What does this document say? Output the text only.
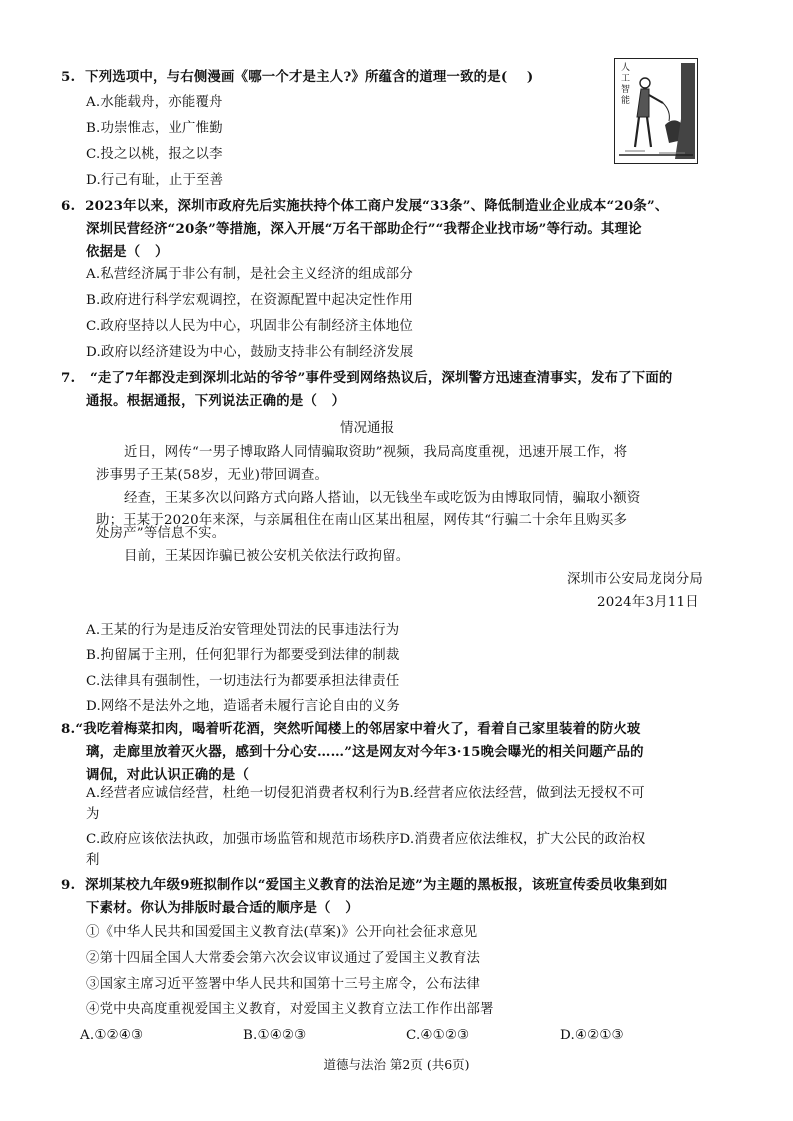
5.  下列选项中，与右侧漫画《哪一个才是主人?》所蕴含的道理一致的是(    )
A.水能载舟，亦能覆舟
B.功崇惟志，业广惟勤
C.投之以桃，报之以李
D.行己有耻，止于至善
人工智能
6.  2023年以来，深圳市政府先后实施扶持个体工商户发展“33条”、降低制造业企业成本“20条”、
深圳民营经济“20条”等措施，深入开展“万名干部助企行”“我帮企业找市场”等行动。其理论
依据是（   ）
A.私营经济属于非公有制，是社会主义经济的组成部分
B.政府进行科学宏观调控，在资源配置中起决定性作用
C.政府坚持以人民为中心，巩固非公有制经济主体地位
D.政府以经济建设为中心，鼓励支持非公有制经济发展
7.   “走了7年都没走到深圳北站的爷爷”事件受到网络热议后，深圳警方迅速查清事实，发布了下面的
通报。根据通报，下列说法正确的是（   ）
情况通报
近日，网传“一男子博取路人同情骗取资助”视频，我局高度重视，迅速开展工作，将
涉事男子王某(58岁，无业)带回调查。
经查，王某多次以问路方式向路人搭讪，以无钱坐车或吃饭为由博取同情，骗取小额资
助；王某于2020年来深，与亲属租住在南山区某出租屋，网传其“行骗二十余年且购买多
处房产”等信息不实。
目前，王某因诈骗已被公安机关依法行政拘留。
深圳市公安局龙岗分局
2024年3月11日
A.王某的行为是违反治安管理处罚法的民事违法行为
B.拘留属于主刑，任何犯罪行为都要受到法律的制裁
C.法律具有强制性，一切违法行为都要承担法律责任
D.网络不是法外之地，造谣者未履行言论自由的义务
8.“我吃着梅菜扣肉，喝着听花酒，突然听闻楼上的邻居家中着火了，看着自己家里装着的防火玻
璃，走廊里放着灭火器，感到十分心安……”这是网友对今年3·15晚会曝光的相关问题产品的
调侃，对此认识正确的是（
A.经营者应诚信经营，杜绝一切侵犯消费者权利行为B.经营者应依法经营，做到法无授权不可
为
C.政府应该依法执政，加强市场监管和规范市场秩序D.消费者应依法维权，扩大公民的政治权
利
9.  深圳某校九年级9班拟制作以“爱国主义教育的法治足迹”为主题的黑板报，该班宣传委员收集到如
下素材。你认为排版时最合适的顺序是（   ）
①《中华人民共和国爱国主义教育法(草案)》公开向社会征求意见
②第十四届全国人大常委会第六次会议审议通过了爱国主义教育法
③国家主席习近平签署中华人民共和国第十三号主席令，公布法律
④党中央高度重视爱国主义教育，对爱国主义教育立法工作作出部署
A.①②④③	B.①④②③	C.④①②③	D.④②①③
道德与法治 第2页 (共6页)
